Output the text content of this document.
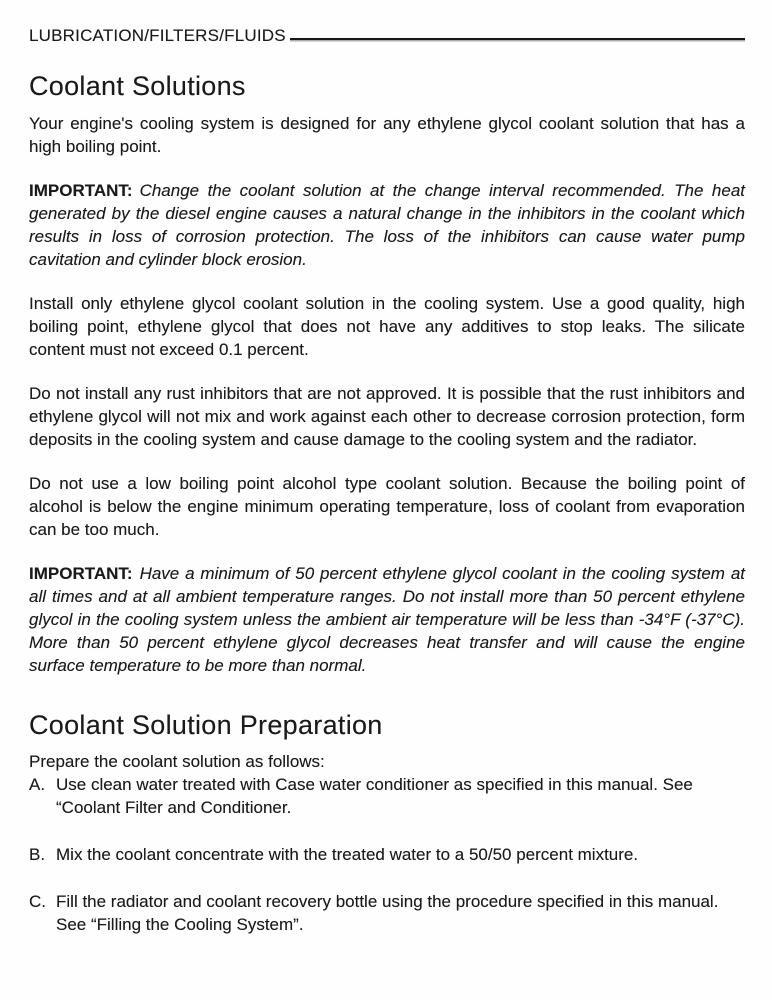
LUBRICATION/FILTERS/FLUIDS
Coolant Solutions

Your engine's cooling system is designed for any ethylene glycol coolant solution that has a high boiling point.

IMPORTANT: Change the coolant solution at the change interval recommended. The heat generated by the diesel engine causes a natural change in the inhibitors in the coolant which results in loss of corrosion protection. The loss of the inhibitors can cause water pump cavitation and cylinder block erosion.

Install only ethylene glycol coolant solution in the cooling system. Use a good quality, high boiling point, ethylene glycol that does not have any additives to stop leaks. The silicate content must not exceed 0.1 percent.

Do not install any rust inhibitors that are not approved. It is possible that the rust inhibitors and ethylene glycol will not mix and work against each other to decrease corrosion protection, form deposits in the cooling system and cause damage to the cooling system and the radiator.

Do not use a low boiling point alcohol type coolant solution. Because the boiling point of alcohol is below the engine minimum operating temperature, loss of coolant from evaporation can be too much.

IMPORTANT: Have a minimum of 50 percent ethylene glycol coolant in the cooling system at all times and at all ambient temperature ranges. Do not install more than 50 percent ethylene glycol in the cooling system unless the ambient air temperature will be less than -34°F (-37°C). More than 50 percent ethylene glycol decreases heat transfer and will cause the engine surface temperature to be more than normal.

Coolant Solution Preparation

Prepare the coolant solution as follows:

A. Use clean water treated with Case water conditioner as specified in this manual. See “Coolant Filter and Conditioner.
B. Mix the coolant concentrate with the treated water to a 50/50 percent mixture.
C. Fill the radiator and coolant recovery bottle using the procedure specified in this manual. See “Filling the Cooling System”.
